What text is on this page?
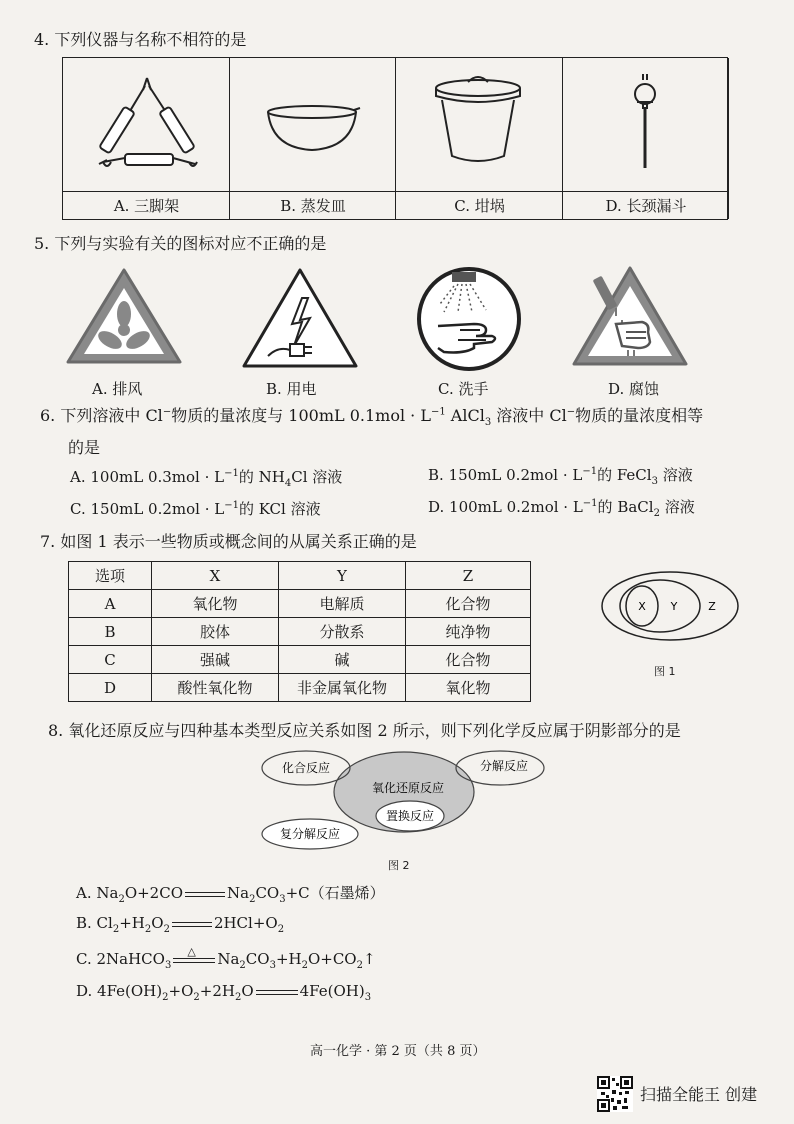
4. 下列仪器与名称不相符的是
A. 三脚架	B. 蒸发皿	C. 坩埚	D. 长颈漏斗
5. 下列与实验有关的图标对应不正确的是
A. 排风	B. 用电	C. 洗手	D. 腐蚀
6. 下列溶液中 Cl−物质的量浓度与 100mL $0.1mol \cdot L^{-1}$ AlCl$_3$ 溶液中 Cl−物质的量浓度相等
的是
A. 100mL $0.3mol \cdot L^{-1}$的 $NH_4Cl$ 溶液	B. 150mL $0.2mol \cdot L^{-1}$的 FeCl$_3$ 溶液
C. 150mL $0.2mol \cdot L^{-1}$的 KCl 溶液	D. 100mL $0.2mol \cdot L^{-1}$的 BaCl$_2$ 溶液
7. 如图 1 表示一些物质或概念间的从属关系正确的是
选项	X	Y	Z
A	氧化物	电解质	化合物
B	胶体	分散系	纯净物
C	强碱	碱	化合物
D	酸性氧化物	非金属氧化物	氧化物
X Y	Z
图 1
8. 氧化还原反应与四种基本类型反应关系如图 2 所示，则下列化学反应属于阴影部分的是
化合反应	分解反应
氧化还原反应
置换反应
复分解反应
图 2
A. $Na_2O+2CO$	$Na_2CO_3+C$（石墨烯）
B. $Cl_2+H_2O_2$	$2HCl+O_2$
C. 2NaHCO$_3$
△ $Na_2CO_3+H_2O+CO_2↑$
D. $4Fe(OH)_2+O_2+2H_2O$	$4Fe(OH)_3$
高一化学 · 第 2 页（共 8 页）
扫描全能王 创建
